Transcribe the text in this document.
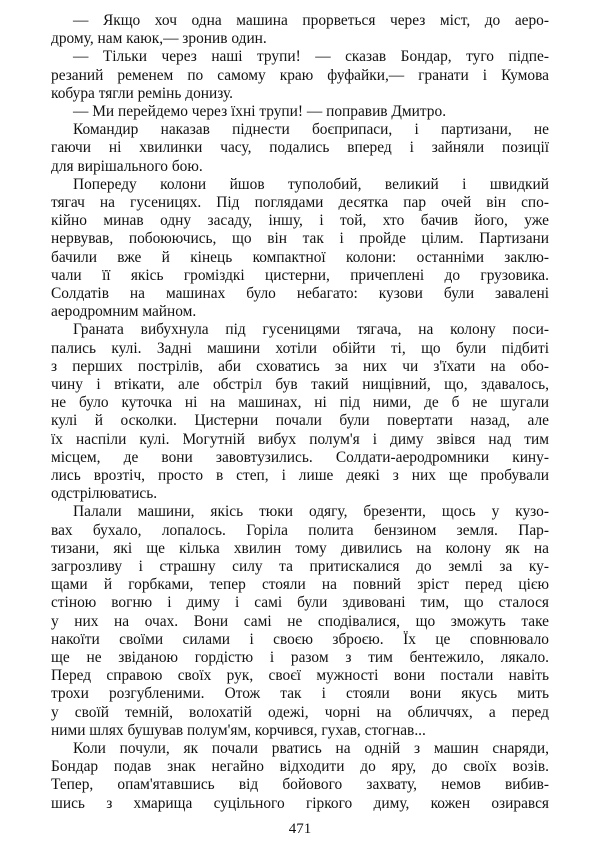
— Якщо хоч одна машина прорветься через міст, до аеро-
дрому, нам каюк,— зронив один.
— Тільки через наші трупи! — сказав Бондар, туго підпе-
резаний ременем по самому краю фуфайки,— гранати і Кумова
кобура тягли ремінь донизу.
— Ми перейдемо через їхні трупи! — поправив Дмитро.
Командир наказав піднести боєприпаси, і партизани, не
гаючи ні хвилинки часу, подались вперед і зайняли позиції
для вирішального бою.
Попереду колони йшов туполобий, великий і швидкий
тягач на гусеницях. Під поглядами десятка пар очей він спо-
кійно минав одну засаду, іншу, і той, хто бачив його, уже
нервував, побоюючись, що він так і пройде цілим. Партизани
бачили вже й кінець компактної колони: останніми заклю-
чали її якісь громіздкі цистерни, причеплені до грузовика.
Солдатів на машинах було небагато: кузови були завалені
аеродромним майном.
Граната вибухнула під гусеницями тягача, на колону поси-
пались кулі. Задні машини хотіли обійти ті, що були підбиті
з перших пострілів, аби сховатись за них чи з'їхати на обо-
чину і втікати, але обстріл був такий нищівний, що, здавалось,
не було куточка ні на машинах, ні під ними, де б не шугали
кулі й осколки. Цистерни почали були повертати назад, але
їх наспіли кулі. Могутній вибух полум'я і диму звівся над тим
місцем, де вони завовтузились. Солдати-аеродромники кину-
лись врозтіч, просто в степ, і лише деякі з них ще пробували
одстрілюватись.
Палали машини, якісь тюки одягу, брезенти, щось у кузо-
вах бухало, лопалось. Горіла полита бензином земля. Пар-
тизани, які ще кілька хвилин тому дивились на колону як на
загрозливу і страшну силу та притискалися до землі за ку-
щами й горбками, тепер стояли на повний зріст перед цією
стіною вогню і диму і самі були здивовані тим, що сталося
у них на очах. Вони самі не сподівалися, що зможуть таке
накоїти своїми силами і своєю зброєю. Їх це сповнювало
ще не звіданою гордістю і разом з тим бентежило, лякало.
Перед справою своїх рук, своєї мужності вони постали навіть
трохи розгубленими. Отож так і стояли вони якусь мить
у своїй темній, волохатій одежі, чорні на обличчях, а перед
ними шлях бушував полум'ям, корчився, гухав, стогнав...
Коли почули, як почали рватись на одній з машин снаряди,
Бондар подав знак негайно відходити до яру, до своїх возів.
Тепер, опам'ятавшись від бойового захвату, немов вибив-
шись з хмарища суцільного гіркого диму, кожен озирався
471
